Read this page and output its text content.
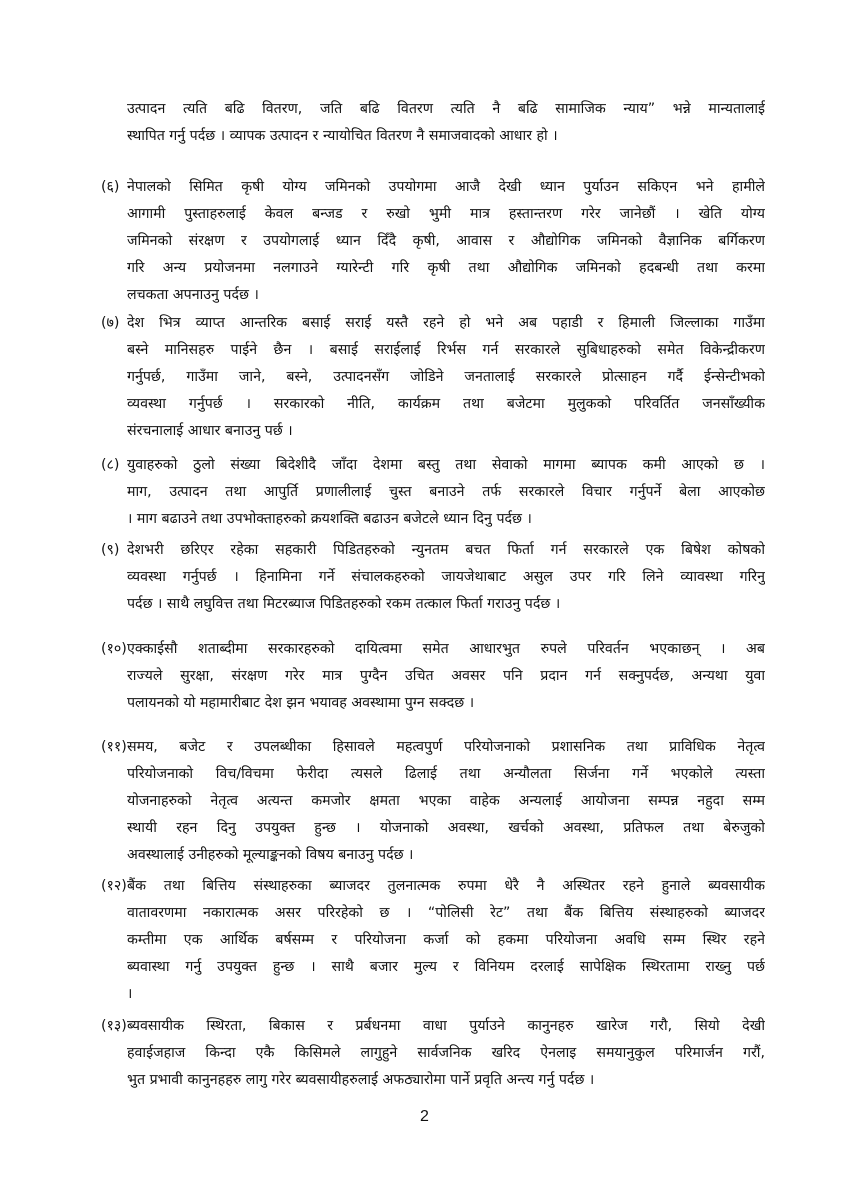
उत्पादन त्यति बढि वितरण, जति बढि वितरण त्यति नै बढि सामाजिक न्याय” भन्ने मान्यतालाई
स्थापित गर्नु पर्दछ । व्यापक उत्पादन र न्यायोचित वितरण नै समाजवादको आधार हो ।
(६) नेपालको सिमित कृषी योग्य जमिनको उपयोगमा आजै देखी ध्यान पुर्याउन सकिएन भने हामीले
आगामी पुस्ताहरुलाई केवल बन्जड र रुखो भुमी मात्र हस्तान्तरण गरेर जानेछौं । खेति योग्य
जमिनको संरक्षण र उपयोगलाई ध्यान दिँदै कृषी, आवास र औद्योगिक जमिनको वैज्ञानिक बर्गिकरण
गरि अन्य प्रयोजनमा नलगाउने ग्यारेन्टी गरि कृषी तथा औद्योगिक जमिनको हदबन्धी तथा करमा
लचकता अपनाउनु पर्दछ ।
(७) देश भित्र व्याप्त आन्तरिक बसाई सराई यस्तै रहने हो भने अब पहाडी र हिमाली जिल्लाका गाउँमा
बस्ने मानिसहरु पाईने छैन । बसाई सराईलाई रिर्भस गर्न सरकारले सुबिधाहरुको समेत विकेन्द्रीकरण
गर्नुपर्छ, गाउँमा जाने, बस्ने, उत्पादनसँग जोडिने जनतालाई सरकारले प्रोत्साहन गर्दै ईन्सेन्टीभको
व्यवस्था गर्नुपर्छ । सरकारको नीति, कार्यक्रम तथा बजेटमा मुलुकको परिवर्तित जनसाँख्यीक
संरचनालाई आधार बनाउनु पर्छ ।
(८) युवाहरुको ठुलो संख्या बिदेशीदै जाँदा देशमा बस्तु तथा सेवाको मागमा ब्यापक कमी आएको छ ।
माग, उत्पादन तथा आपुर्ति प्रणालीलाई चुस्त बनाउने तर्फ सरकारले विचार गर्नुपर्ने बेला आएकोछ
। माग बढाउने तथा उपभोक्ताहरुको क्रयशक्ति बढाउन बजेटले ध्यान दिनु पर्दछ ।
(९) देशभरी छरिएर रहेका सहकारी पिडितहरुको न्युनतम बचत फिर्ता गर्न सरकारले एक बिषेश कोषको
व्यवस्था गर्नुपर्छ । हिनामिना गर्ने संचालकहरुको जायजेथाबाट असुल उपर गरि लिने व्यावस्था गरिनु
पर्दछ । साथै लघुवित्त तथा मिटरब्याज पिडितहरुको रकम तत्काल फिर्ता गराउनु पर्दछ ।
(१०) एक्काईसौ शताब्दीमा सरकारहरुको दायित्वमा समेत आधारभुत रुपले परिवर्तन भएकाछन् । अब
राज्यले सुरक्षा, संरक्षण गरेर मात्र पुग्दैन उचित अवसर पनि प्रदान गर्न सक्नुपर्दछ, अन्यथा युवा
पलायनको यो महामारीबाट देश झन भयावह अवस्थामा पुग्न सक्दछ ।
(११) समय, बजेट र उपलब्धीका हिसावले महत्वपुर्ण परियोजनाको प्रशासनिक तथा प्राविधिक नेतृत्व
परियोजनाको विच/विचमा फेरीदा त्यसले ढिलाई तथा अन्यौलता सिर्जना गर्ने भएकोले त्यस्ता
योजनाहरुको नेतृत्व अत्यन्त कमजोर क्षमता भएका वाहेक अन्यलाई आयोजना सम्पन्न नहुदा सम्म
स्थायी रहन दिनु उपयुक्त हुन्छ । योजनाको अवस्था, खर्चको अवस्था, प्रतिफल तथा बेरुजुको
अवस्थालाई उनीहरुको मूल्याङ्कनको विषय बनाउनु पर्दछ ।
(१२) बैंक तथा बित्तिय संस्थाहरुका ब्याजदर तुलनात्मक रुपमा धेरै नै अस्थितर रहने हुनाले ब्यवसायीक
वातावरणमा नकारात्मक असर परिरहेको छ । “पोलिसी रेट” तथा बैंक बित्तिय संस्थाहरुको ब्याजदर
कम्तीमा एक आर्थिक बर्षसम्म र परियोजना कर्जा को हकमा परियोजना अवधि सम्म स्थिर रहने
ब्यवास्था गर्नु उपयुक्त हुन्छ । साथै बजार मुल्य र विनियम दरलाई सापेक्षिक स्थिरतामा राख्नु पर्छ
।
(१३) ब्यवसायीक स्थिरता, बिकास र प्रर्बधनमा वाधा पुर्याउने कानुनहरु खारेज गरौ, सियो देखी
हवाईजहाज किन्दा एकै किसिमले लागुहुने सार्वजनिक खरिद ऐनलाइ समयानुकुल परिमार्जन गरौं,
भुत प्रभावी कानुनहहरु लागु गरेर ब्यवसायीहरुलाई अफठ्यारोमा पार्ने प्रवृति अन्त्य गर्नु पर्दछ ।
2
